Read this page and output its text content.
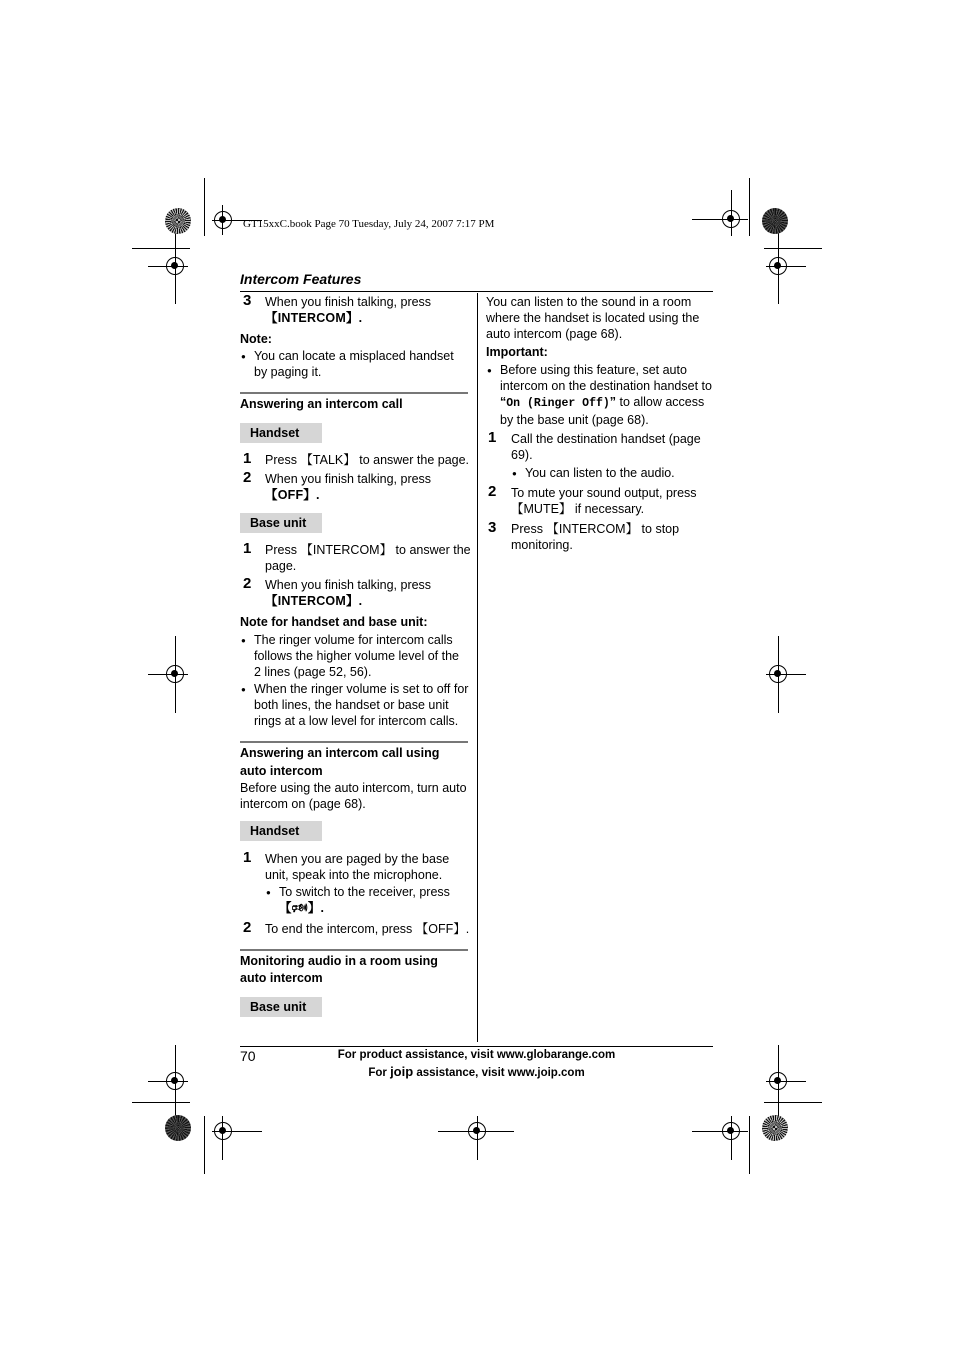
GT15xxC.book Page 70 Tuesday, July 24, 2007 7:17 PM
Intercom Features
3 When you finish talking, press
【INTERCOM】.
Note:
● You can locate a misplaced handset
by paging it.
Answering an intercom call
Handset
1 Press 【TALK】 to answer the page.
2 When you finish talking, press
【OFF】.
Base unit
1 Press 【INTERCOM】 to answer the
page.
2 When you finish talking, press
【INTERCOM】.
Note for handset and base unit:
● The ringer volume for intercom calls
follows the higher volume level of the
2 lines (page 52, 56).
● When the ringer volume is set to off for
both lines, the handset or base unit
rings at a low level for intercom calls.
Answering an intercom call using
auto intercom
Before using the auto intercom, turn auto
intercom on (page 68).
Handset
1 When you are paged by the base
unit, speak into the microphone.
● To switch to the receiver, press
【🕬】.
2 To end the intercom, press 【OFF】.
Monitoring audio in a room using
auto intercom
Base unit
You can listen to the sound in a room
where the handset is located using the
auto intercom (page 68).
Important:
● Before using this feature, set auto
intercom on the destination handset to
“On (Ringer Off)” to allow access
by the base unit (page 68).
1 Call the destination handset (page
69).
● You can listen to the audio.
2 To mute your sound output, press
【MUTE】 if necessary.
3 Press 【INTERCOM】 to stop
monitoring.
70	For product assistance, visit www.globarange.com
For joip assistance, visit www.joip.com
